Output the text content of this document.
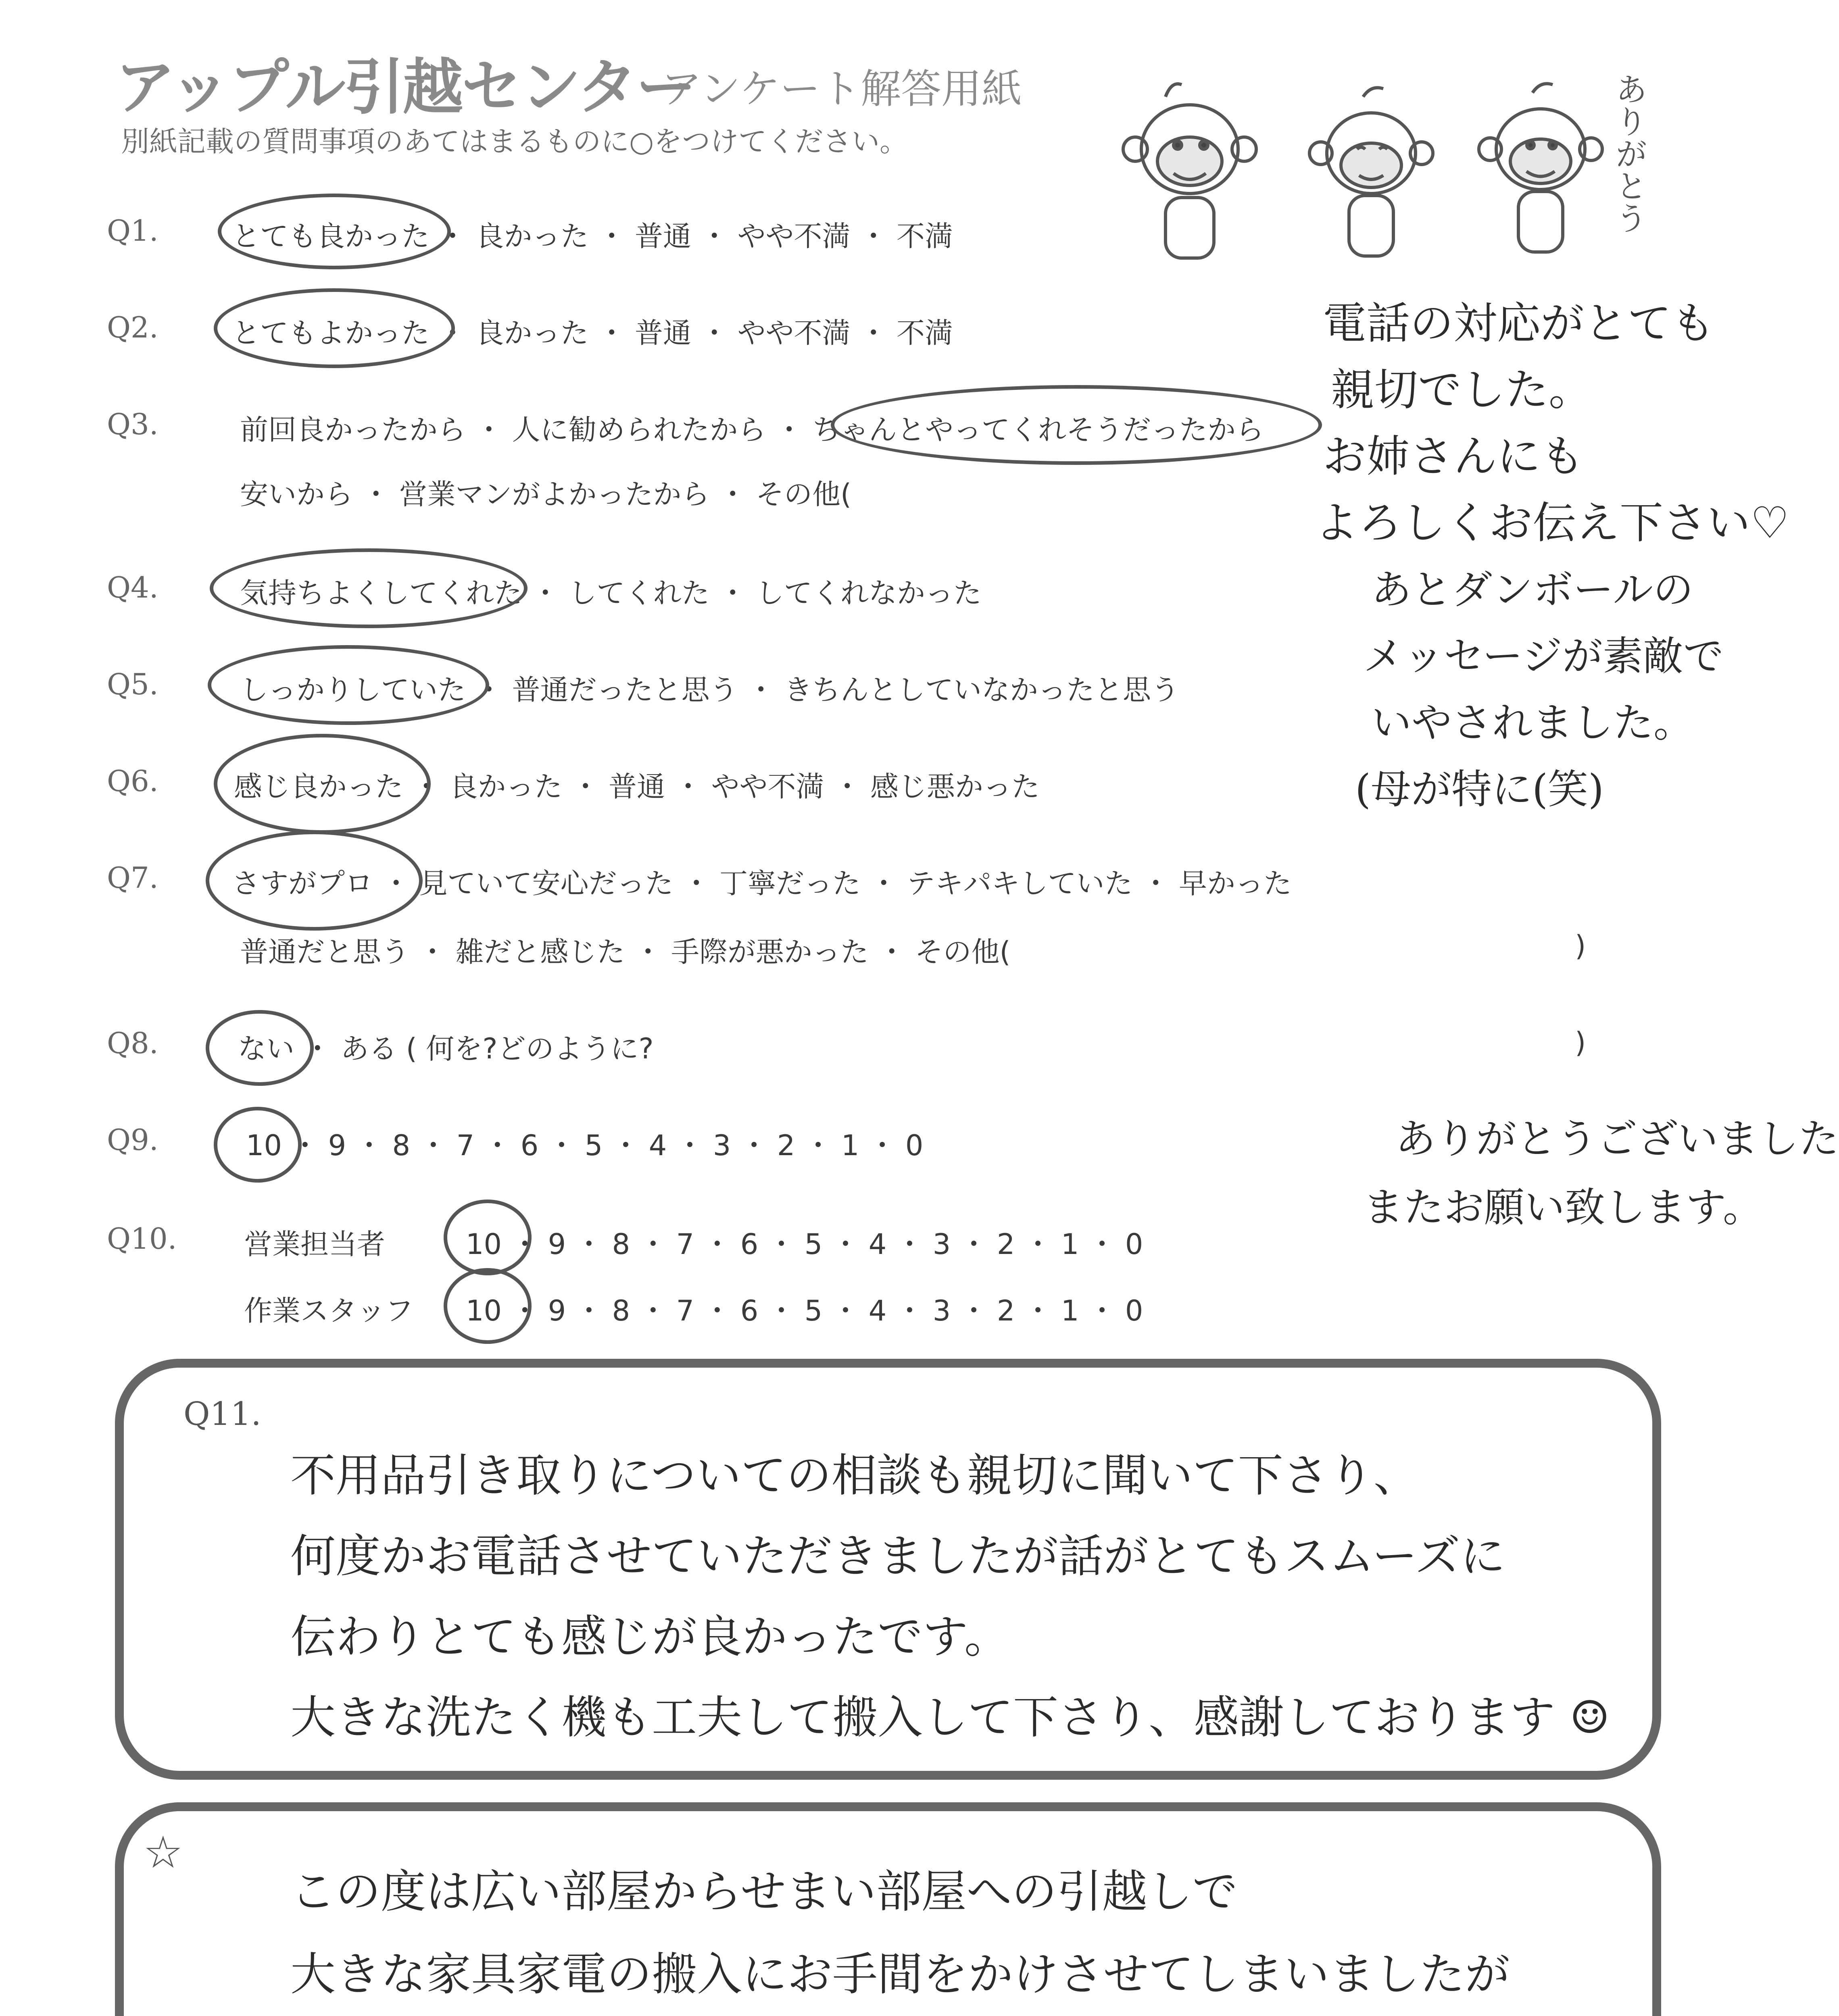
アップル引越センター
アンケート解答用紙
別紙記載の質問事項のあてはまるものに○をつけてください。	ありがとう
Q1.	とても良かった ・ 良かった ・ 普通 ・ やや不満 ・ 不満
Q2.	とてもよかった ・ 良かった ・ 普通 ・ やや不満 ・ 不満
Q3.	前回良かったから ・ 人に勧められたから ・ ちゃんとやってくれそうだったから
安いから ・ 営業マンがよかったから ・ その他(
Q4.	気持ちよくしてくれた ・ してくれた ・ してくれなかった
Q5.	しっかりしていた ・ 普通だったと思う ・ きちんとしていなかったと思う
Q6.	感じ良かった ・ 良かった ・ 普通 ・ やや不満 ・ 感じ悪かった
Q7.	さすがプロ ・ 見ていて安心だった ・ 丁寧だった ・ テキパキしていた ・ 早かった
普通だと思う ・ 雑だと感じた ・ 手際が悪かった ・ その他(	)
Q8.	ない ・ ある ( 何を?どのように?	)
Q9.	10 ・ 9 ・ 8 ・ 7 ・ 6 ・ 5 ・ 4 ・ 3 ・ 2 ・ 1 ・ 0
Q10. 営業担当者	10 ・ 9 ・ 8 ・ 7 ・ 6 ・ 5 ・ 4 ・ 3 ・ 2 ・ 1 ・ 0
作業スタッフ 10 ・ 9 ・ 8 ・ 7 ・ 6 ・ 5 ・ 4 ・ 3 ・ 2 ・ 1 ・ 0
電話の対応がとても
親切でした。
お姉さんにも
よろしくお伝え下さい♡
あとダンボールの
メッセージが素敵で
いやされました。
(母が特に(笑)
ありがとうございました
またお願い致します。
Q11.
不用品引き取りについての相談も親切に聞いて下さり、
何度かお電話させていただきましたが話がとてもスムーズに
伝わりとても感じが良かったです。
大きな洗たく機も工夫して搬入して下さり、感謝しております ☺
☆
この度は広い部屋からせまい部屋への引越しで
大きな家具家電の搬入にお手間をかけさせてしまいましたが
